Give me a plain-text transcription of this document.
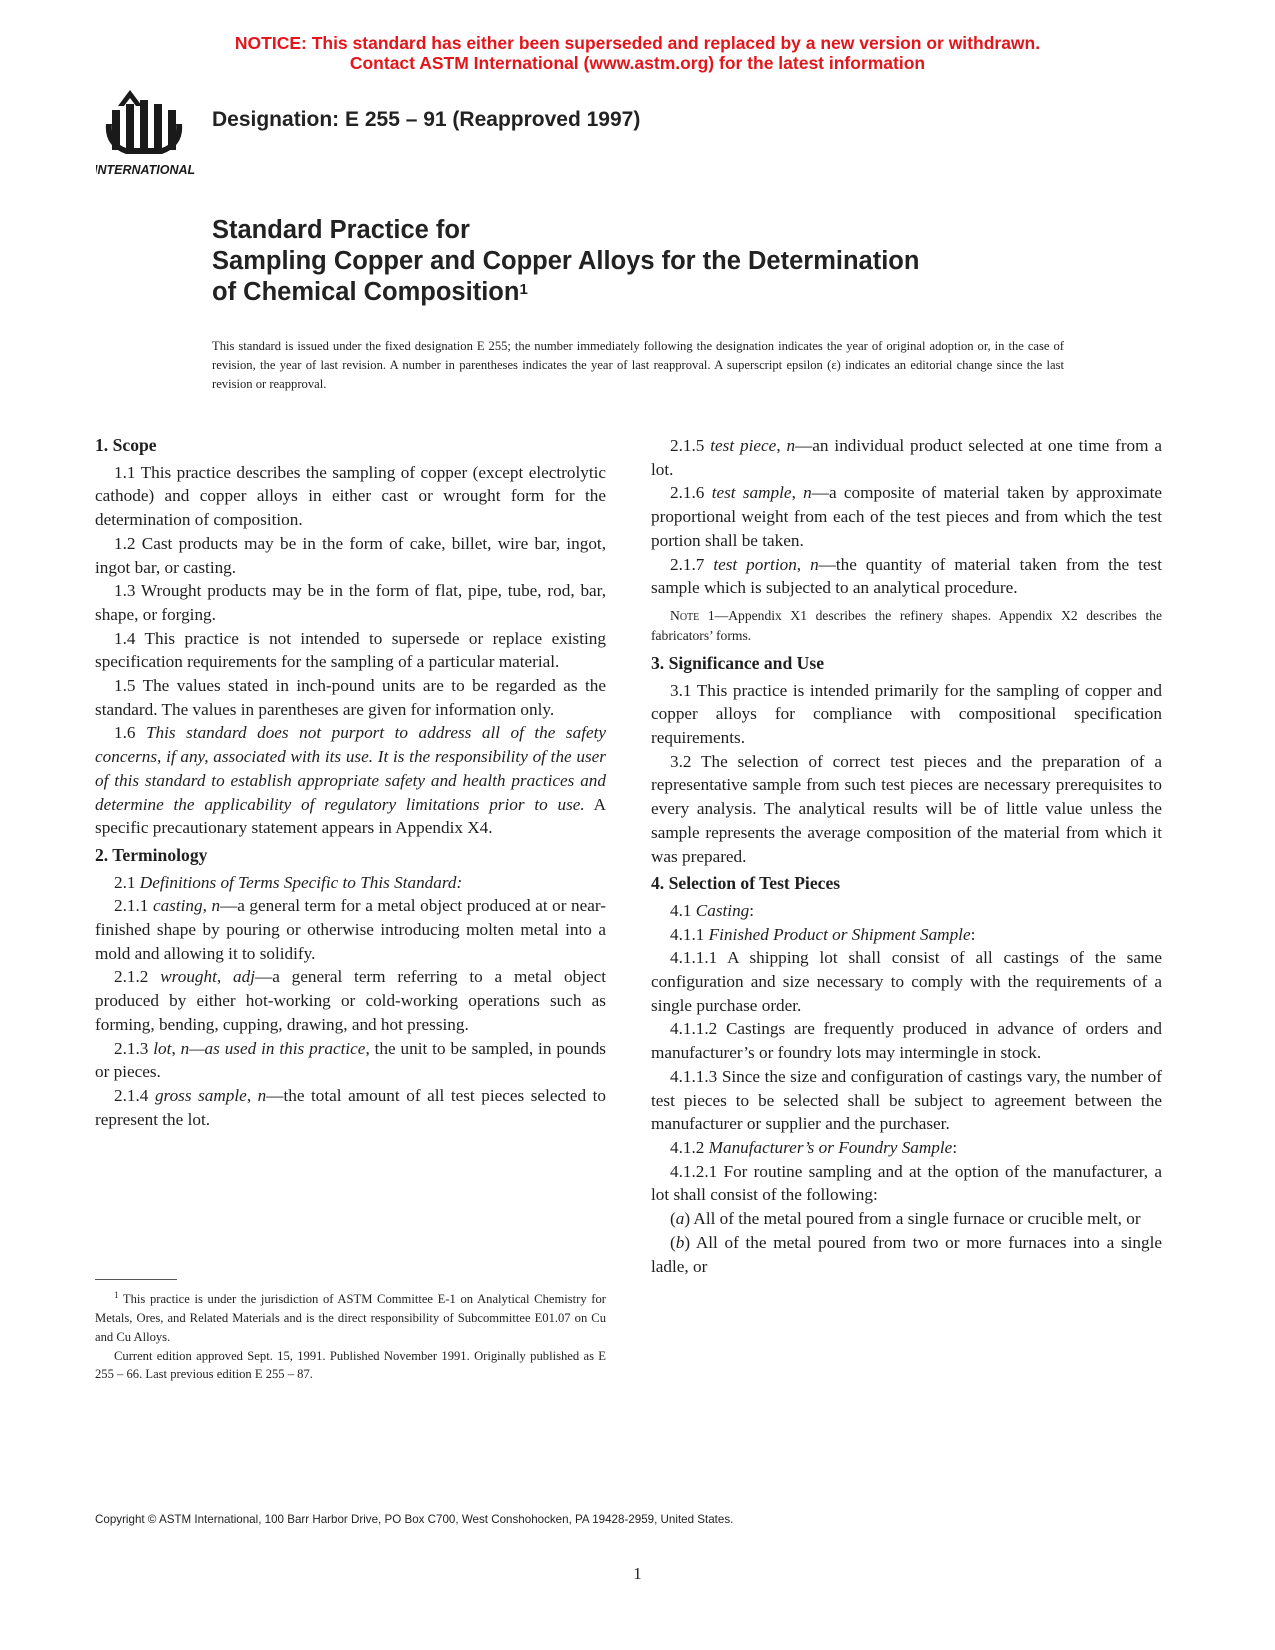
NOTICE: This standard has either been superseded and replaced by a new version or withdrawn.
Contact ASTM International (www.astm.org) for the latest information
INTERNATIONAL
Designation: E 255 – 91 (Reapproved 1997)
Standard Practice for
Sampling Copper and Copper Alloys for the Determination
of Chemical Composition$^1$
This standard is issued under the fixed designation E 255; the number immediately following the designation indicates the year of original adoption or, in the case of revision, the year of last revision. A number in parentheses indicates the year of last reapproval. A superscript epsilon (ε) indicates an editorial change since the last revision or reapproval.
1. Scope

1.1 This practice describes the sampling of copper (except electrolytic cathode) and copper alloys in either cast or wrought form for the determination of composition.

1.2 Cast products may be in the form of cake, billet, wire bar, ingot, ingot bar, or casting.

1.3 Wrought products may be in the form of flat, pipe, tube, rod, bar, shape, or forging.

1.4 This practice is not intended to supersede or replace existing specification requirements for the sampling of a particular material.

1.5 The values stated in inch-pound units are to be regarded as the standard. The values in parentheses are given for information only.

1.6 This standard does not purport to address all of the safety concerns, if any, associated with its use. It is the responsibility of the user of this standard to establish appropriate safety and health practices and determine the applicability of regulatory limitations prior to use. A specific precautionary statement appears in Appendix X4.

2. Terminology

2.1 Definitions of Terms Specific to This Standard:

2.1.1 casting, n—a general term for a metal object produced at or near-finished shape by pouring or otherwise introducing molten metal into a mold and allowing it to solidify.

2.1.2 wrought, adj—a general term referring to a metal object produced by either hot-working or cold-working operations such as forming, bending, cupping, drawing, and hot pressing.

2.1.3 lot, n—as used in this practice, the unit to be sampled, in pounds or pieces.

2.1.4 gross sample, n—the total amount of all test pieces selected to represent the lot.

$^1$ This practice is under the jurisdiction of ASTM Committee E-1 on Analytical Chemistry for Metals, Ores, and Related Materials and is the direct responsibility of Subcommittee E01.07 on Cu and Cu Alloys.

Current edition approved Sept. 15, 1991. Published November 1991. Originally published as E 255 – 66. Last previous edition E 255 – 87.

2.1.5 test piece, n—an individual product selected at one time from a lot.

2.1.6 test sample, n—a composite of material taken by approximate proportional weight from each of the test pieces and from which the test portion shall be taken.

2.1.7 test portion, n—the quantity of material taken from the test sample which is subjected to an analytical procedure.

Note 1—Appendix X1 describes the refinery shapes. Appendix X2 describes the fabricators’ forms.

3. Significance and Use

3.1 This practice is intended primarily for the sampling of copper and copper alloys for compliance with compositional specification requirements.

3.2 The selection of correct test pieces and the preparation of a representative sample from such test pieces are necessary prerequisites to every analysis. The analytical results will be of little value unless the sample represents the average composition of the material from which it was prepared.

4. Selection of Test Pieces

4.1 Casting:

4.1.1 Finished Product or Shipment Sample:

4.1.1.1 A shipping lot shall consist of all castings of the same configuration and size necessary to comply with the requirements of a single purchase order.

4.1.1.2 Castings are frequently produced in advance of orders and manufacturer’s or foundry lots may intermingle in stock.

4.1.1.3 Since the size and configuration of castings vary, the number of test pieces to be selected shall be subject to agreement between the manufacturer or supplier and the purchaser.

4.1.2 Manufacturer’s or Foundry Sample:

4.1.2.1 For routine sampling and at the option of the manufacturer, a lot shall consist of the following:

(a) All of the metal poured from a single furnace or crucible melt, or

(b) All of the metal poured from two or more furnaces into a single ladle, or

Copyright © ASTM International, 100 Barr Harbor Drive, PO Box C700, West Conshohocken, PA 19428-2959, United States.
1
